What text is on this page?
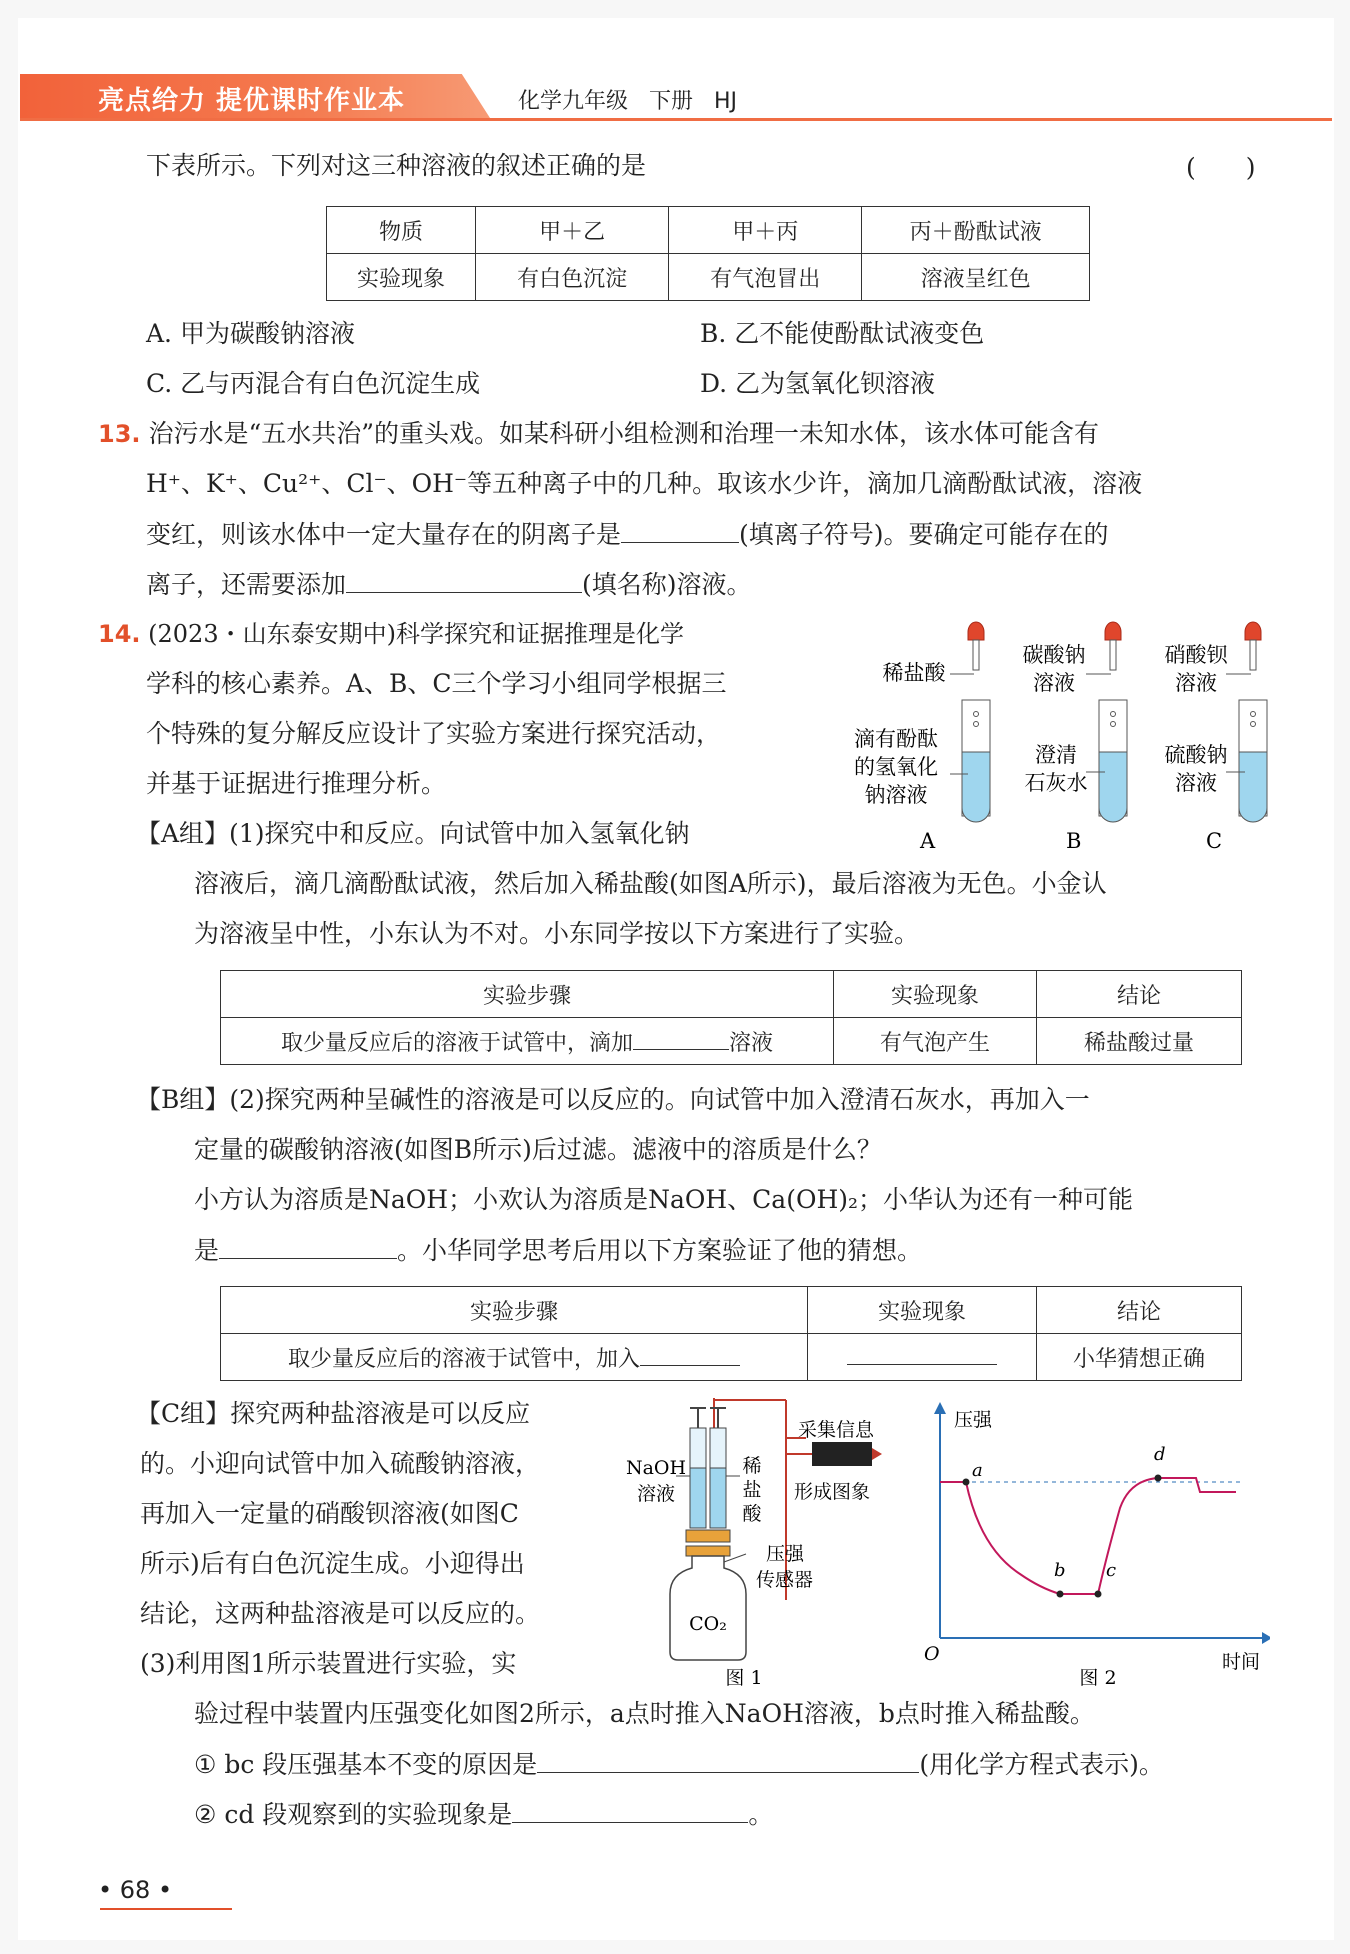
亮点给力 提优课时作业本	化学九年级 下册 HJ
下表所示。下列对这三种溶液的叙述正确的是	(　　)
物质	甲＋乙	甲＋丙	丙＋酚酞试液
实验现象	有白色沉淀	有气泡冒出	溶液呈红色
A. 甲为碳酸钠溶液	B. 乙不能使酚酞试液变色
C. 乙与丙混合有白色沉淀生成	D. 乙为氢氧化钡溶液
13. 治污水是“五水共治”的重头戏。如某科研小组检测和治理一未知水体，该水体可能含有
H⁺、K⁺、Cu²⁺、Cl⁻、OH⁻等五种离子中的几种。取该水少许，滴加几滴酚酞试液，溶液
变红，则该水体中一定大量存在的阴离子是	(填离子符号)。要确定可能存在的
离子，还需要添加	(填名称)溶液。
14. (2023・山东泰安期中)科学探究和证据推理是化学
学科的核心素养。A、B、C三个学习小组同学根据三
个特殊的复分解反应设计了实验方案进行探究活动，
并基于证据进行推理分析。
稀盐酸
滴有酚酞
的氢氧化
钠溶液
A
碳酸钠
溶液
澄清
石灰水
B
硝酸钡
溶液
硫酸钠
溶液
C
【A组】(1)探究中和反应。向试管中加入氢氧化钠
溶液后，滴几滴酚酞试液，然后加入稀盐酸(如图A所示)，最后溶液为无色。小金认
为溶液呈中性，小东认为不对。小东同学按以下方案进行了实验。
实验步骤	实验现象	结论
取少量反应后的溶液于试管中，滴加 溶液	有气泡产生	稀盐酸过量
【B组】(2)探究两种呈碱性的溶液是可以反应的。向试管中加入澄清石灰水，再加入一
定量的碳酸钠溶液(如图B所示)后过滤。滤液中的溶质是什么？
小方认为溶质是NaOH；小欢认为溶质是NaOH、Ca(OH)₂；小华认为还有一种可能
是	。小华同学思考后用以下方案验证了他的猜想。
实验步骤	实验现象	结论
取少量反应后的溶液于试管中，加入		小华猜想正确
【C组】探究两种盐溶液是可以反应
的。小迎向试管中加入硫酸钠溶液，
再加入一定量的硝酸钡溶液(如图C
所示)后有白色沉淀生成。小迎得出
结论，这两种盐溶液是可以反应的。
(3)利用图1所示装置进行实验，实
采集信息
形成图象
NaOH
溶液
稀
盐
酸
CO₂
压强
传感器
图 1
压强
时间
O
a
b c
d
图 2
验过程中装置内压强变化如图2所示，a点时推入NaOH溶液，b点时推入稀盐酸。
① bc 段压强基本不变的原因是	(用化学方程式表示)。
② cd 段观察到的实验现象是	。
• 68 •
